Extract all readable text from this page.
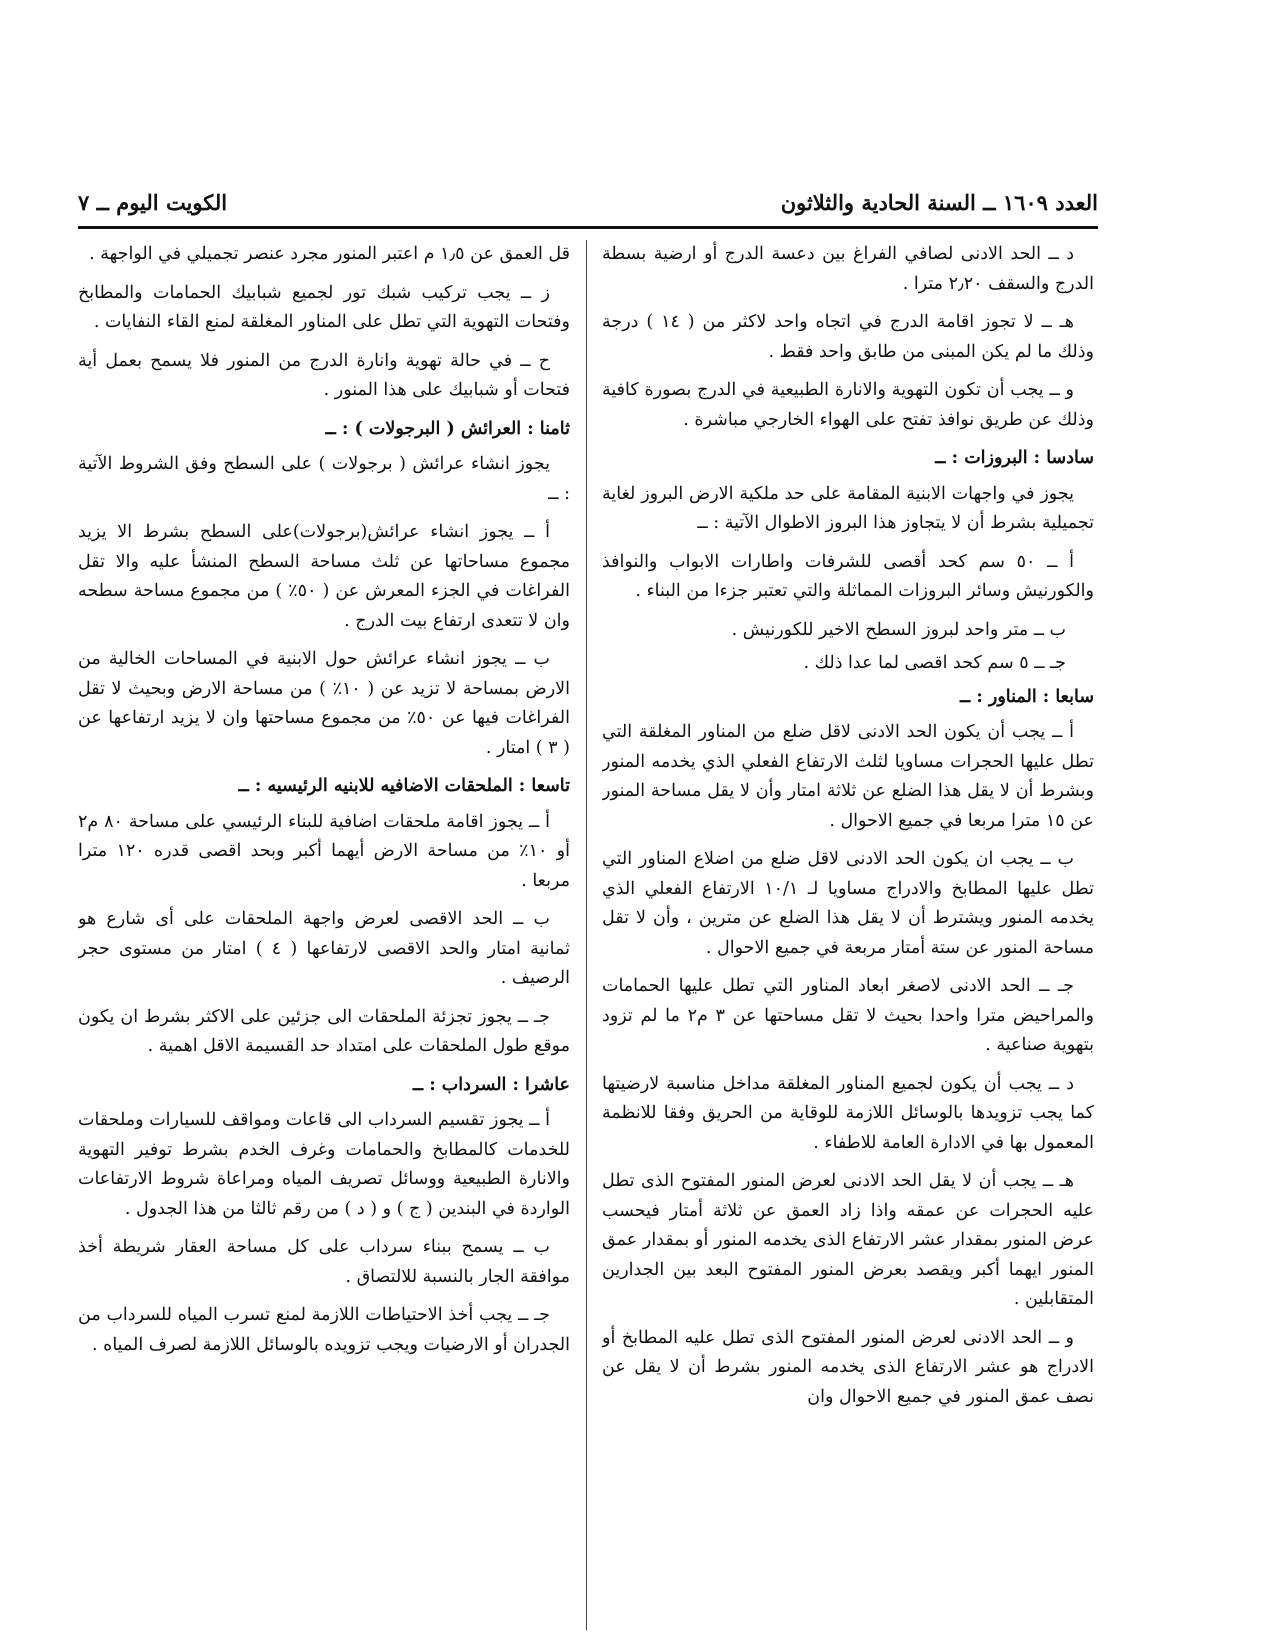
العدد ١٦٠٩ ــ السنة الحادية والثلاثون
الكويت اليوم ــ ٧

د ــ الحد الادنى لصافي الفراغ بين دعسة الدرج أو ارضية بسطة الدرج والسقف ٢٫٢٠ مترا .

هـ ــ لا تجوز اقامة الدرج في اتجاه واحد لاكثر من ( ١٤ ) درجة وذلك ما لم يكن المبنى من طابق واحد فقط .

و ــ يجب أن تكون التهوية والانارة الطبيعية في الدرج بصورة كافية وذلك عن طريق نوافذ تفتح على الهواء الخارجي مباشرة .

سادسا : البروزات : ــ

يجوز في واجهات الابنية المقامة على حد ملكية الارض البروز لغاية تجميلية بشرط أن لا يتجاوز هذا البروز الاطوال الآتية : ــ

أ ــ ٥٠ سم كحد أقصى للشرفات واطارات الابواب والنوافذ والكورنيش وسائر البروزات المماثلة والتي تعتبر جزءا من البناء .

ب ــ متر واحد لبروز السطح الاخير للكورنيش .

جـ ــ ٥ سم كحد اقصى لما عدا ذلك .

سابعا : المناور : ــ

أ ــ يجب أن يكون الحد الادنى لاقل ضلع من المناور المغلقة التي تطل عليها الحجرات مساويا لثلث الارتفاع الفعلي الذي يخدمه المنور وبشرط أن لا يقل هذا الضلع عن ثلاثة امتار وأن لا يقل مساحة المنور عن ١٥ مترا مربعا في جميع الاحوال .

ب ــ يجب ان يكون الحد الادنى لاقل ضلع من اضلاع المناور التي تطل عليها المطابخ والادراج مساويا لـ ١٠/١ الارتفاع الفعلي الذي يخدمه المنور ويشترط أن لا يقل هذا الضلع عن مترين ، وأن لا تقل مساحة المنور عن ستة أمتار مربعة في جميع الاحوال .

جـ ــ الحد الادنى لاصغر ابعاد المناور التي تطل عليها الحمامات والمراحيض مترا واحدا بحيث لا تقل مساحتها عن ٣ م٢ ما لم تزود بتهوية صناعية .

د ــ يجب أن يكون لجميع المناور المغلقة مداخل مناسبة لارضيتها كما يجب تزويدها بالوسائل اللازمة للوقاية من الحريق وفقا للانظمة المعمول بها في الادارة العامة للاطفاء .

هـ ــ يجب أن لا يقل الحد الادنى لعرض المنور المفتوح الذى تطل عليه الحجرات عن عمقه واذا زاد العمق عن ثلاثة أمتار فيحسب عرض المنور بمقدار عشر الارتفاع الذى يخدمه المنور أو بمقدار عمق المنور ايهما أكبر ويقصد بعرض المنور المفتوح البعد بين الجدارين المتقابلين .

و ــ الحد الادنى لعرض المنور المفتوح الذى تطل عليه المطابخ أو الادراج هو عشر الارتفاع الذى يخدمه المنور بشرط أن لا يقل عن نصف عمق المنور في جميع الاحوال وان

قل العمق عن ١٫٥ م اعتبر المنور مجرد عنصر تجميلي في الواجهة .

ز ــ يجب تركيب شبك تور لجميع شبابيك الحمامات والمطابخ وفتحات التهوية التي تطل على المناور المغلقة لمنع القاء النفايات .

ح ــ في حالة تهوية وانارة الدرج من المنور فلا يسمح بعمل أية فتحات أو شبابيك على هذا المنور .

ثامنا : العرائش ( البرجولات ) : ــ

يجوز انشاء عرائش ( برجولات ) على السطح وفق الشروط الآتية : ــ

أ ــ يجوز انشاء عرائش(برجولات)على السطح بشرط الا يزيد مجموع مساحاتها عن ثلث مساحة السطح المنشأ عليه والا تقل الفراغات في الجزء المعرش عن ( ٥٠٪ ) من مجموع مساحة سطحه وان لا تتعدى ارتفاع بيت الدرج .

ب ــ يجوز انشاء عرائش حول الابنية في المساحات الخالية من الارض بمساحة لا تزيد عن ( ١٠٪ ) من مساحة الارض وبحيث لا تقل الفراغات فيها عن ٥٠٪ من مجموع مساحتها وان لا يزيد ارتفاعها عن ( ٣ ) امتار .

تاسعا : الملحقات الاضافيه للابنيه الرئيسيه : ــ

أ ــ يجوز اقامة ملحقات اضافية للبناء الرئيسي على مساحة ٨٠ م٢ أو ١٠٪ من مساحة الارض أيهما أكبر وبحد اقصى قدره ١٢٠ مترا مربعا .

ب ــ الحد الاقصى لعرض واجهة الملحقات على أى شارع هو ثمانية امتار والحد الاقصى لارتفاعها ( ٤ ) امتار من مستوى حجر الرصيف .

جـ ــ يجوز تجزئة الملحقات الى جزئين على الاكثر بشرط ان يكون موقع طول الملحقات على امتداد حد القسيمة الاقل اهمية .

عاشرا : السرداب : ــ

أ ــ يجوز تقسيم السرداب الى قاعات ومواقف للسيارات وملحقات للخدمات كالمطابخ والحمامات وغرف الخدم بشرط توفير التهوية والانارة الطبيعية ووسائل تصريف المياه ومراعاة شروط الارتفاعات الواردة في البندين ( ج ) و ( د ) من رقم ثالثا من هذا الجدول .

ب ــ يسمح ببناء سرداب على كل مساحة العقار شريطة أخذ موافقة الجار بالنسبة للالتصاق .

جـ ــ يجب أخذ الاحتياطات اللازمة لمنع تسرب المياه للسرداب من الجدران أو الارضيات ويجب تزويده بالوسائل اللازمة لصرف المياه .
